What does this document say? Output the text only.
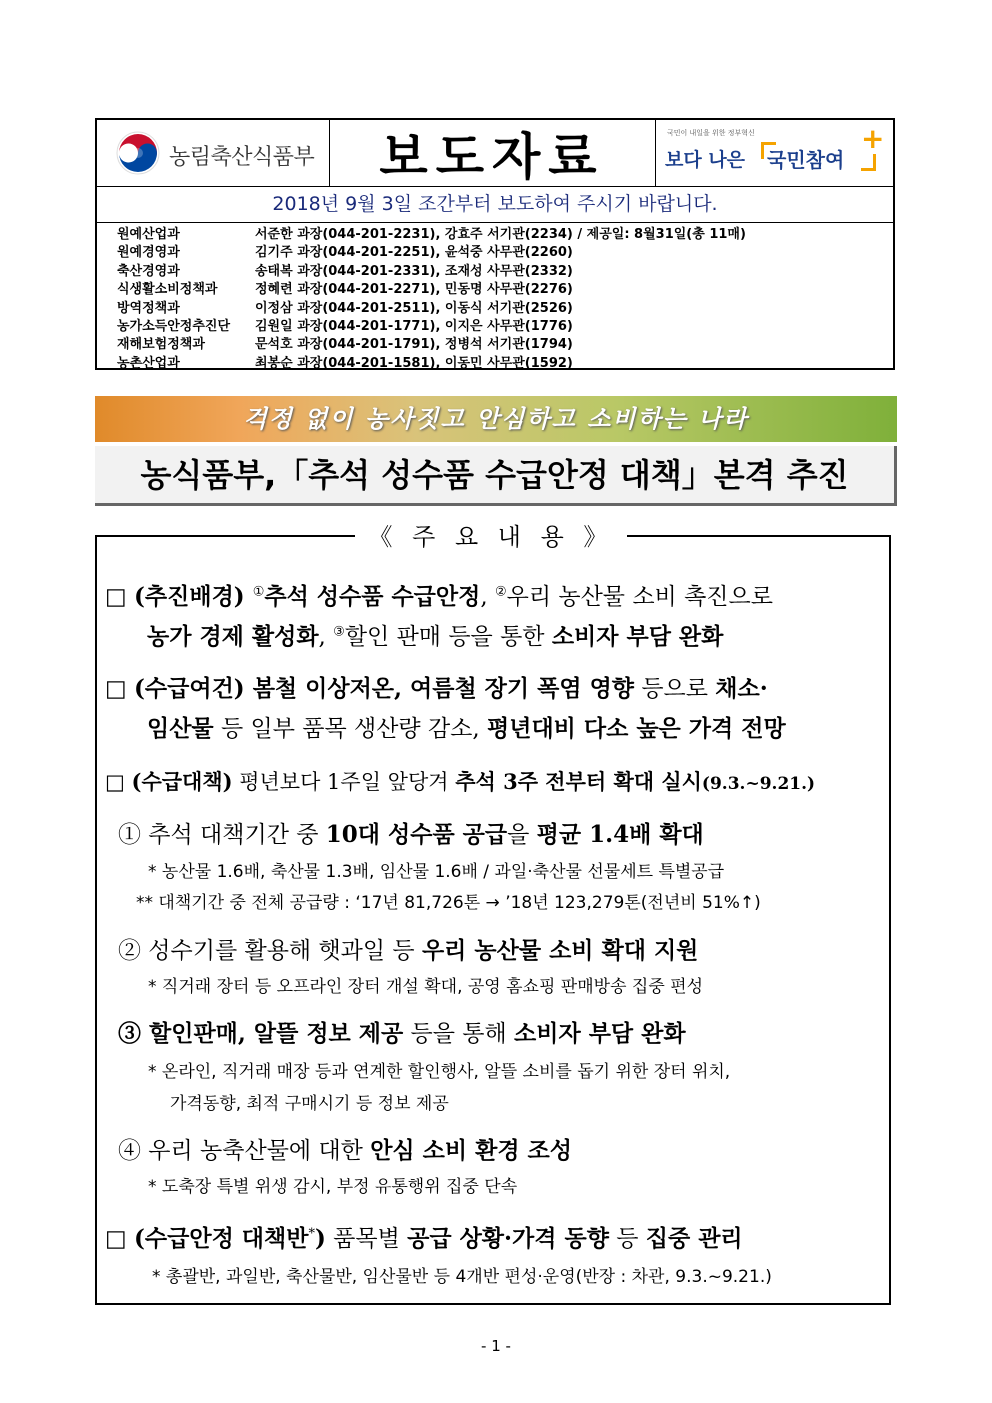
농림축산식품부 보도자료	국민이 내일을 위한 정부혁신
보다 나은 국민참여
+
2018년 9월 3일 조간부터 보도하여 주시기 바랍니다.
원예산업과	서준한 과장(044-201-2231), 강효주 서기관(2234) / 제공일: 8월31일(총 11매)
원예경영과	김기주 과장(044-201-2251), 윤석중 사무관(2260)
축산경영과	송태복 과장(044-201-2331), 조재성 사무관(2332)
식생활소비정책과	정혜련 과장(044-201-2271), 민동명 사무관(2276)
방역정책과	이정삼 과장(044-201-2511), 이동식 서기관(2526)
농가소득안정추진단 김원일 과장(044-201-1771), 이지은 사무관(1776)
재해보험정책과	문석호 과장(044-201-1791), 정병석 서기관(1794)
농촌산업과	최봉순 과장(044-201-1581), 이동민 사무관(1592)
걱정 없이 농사짓고 안심하고 소비하는 나라
농식품부,「추석 성수품 수급안정 대책」본격 추진
《 주 요 내 용 》
□ (추진배경) ①추석 성수품 수급안정, ②우리 농산물 소비 촉진으로
농가 경제 활성화, ③할인 판매 등을 통한 소비자 부담 완화
□ (수급여건) 봄철 이상저온, 여름철 장기 폭염 영향 등으로 채소·
임산물 등 일부 품목 생산량 감소, 평년대비 다소 높은 가격 전망
□ (수급대책) 평년보다 1주일 앞당겨 추석 3주 전부터 확대 실시(9.3.~9.21.)
① 추석 대책기간 중 10대 성수품 공급을 평균 1.4배 확대
* 농산물 1.6배, 축산물 1.3배, 임산물 1.6배 / 과일·축산물 선물세트 특별공급
** 대책기간 중 전체 공급량 : ‘17년 81,726톤 → ’18년 123,279톤(전년비 51%↑)
② 성수기를 활용해 햇과일 등 우리 농산물 소비 확대 지원
* 직거래 장터 등 오프라인 장터 개설 확대, 공영 홈쇼핑 판매방송 집중 편성
③ 할인판매, 알뜰 정보 제공 등을 통해 소비자 부담 완화
* 온라인, 직거래 매장 등과 연계한 할인행사, 알뜰 소비를 돕기 위한 장터 위치,
가격동향, 최적 구매시기 등 정보 제공
④ 우리 농축산물에 대한 안심 소비 환경 조성
* 도축장 특별 위생 감시, 부정 유통행위 집중 단속
□ (수급안정 대책반*) 품목별 공급 상황·가격 동향 등 집중 관리
* 총괄반, 과일반, 축산물반, 임산물반 등 4개반 편성·운영(반장 : 차관, 9.3.~9.21.)
- 1 -
